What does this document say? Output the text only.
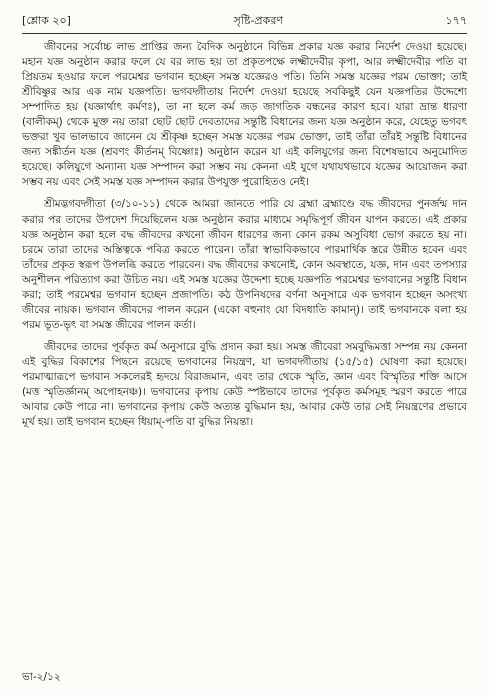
[শ্লোক ২০]	সৃষ্টি-প্রকরণ	১৭৭

জীবনের সর্বোচ্চ লাভ প্রাপ্তির জন্য বৈদিক অনুষ্ঠানে বিভিন্ন প্রকার যজ্ঞ করার নির্দেশ দেওয়া হয়েছে। মহান যজ্ঞ অনুষ্ঠান করার ফলে যে বর লাভ হয় তা প্রকৃতপক্ষে লক্ষ্মীদেবীর কৃপা, আর লক্ষ্মীদেবীর পতি বা প্রিয়তম হওয়ার ফলে পরমেশ্বর ভগবান হচ্ছেন সমস্ত যজ্ঞেরও পতি। তিনি সমস্ত যজ্ঞের পরম ভোক্তা; তাই শ্রীবিষ্ণুর আর এক নাম যজ্ঞপতি। ভগবদ্গীতায় নির্দেশ দেওয়া হয়েছে সবকিছুই যেন যজ্ঞপতির উদ্দেশ্যে সম্পাদিত হয় (যজ্ঞার্থাৎ কর্মণঃ), তা না হলে কর্ম জড় জাগতিক বন্ধনের কারণ হবে। যারা ভ্রান্ত ধারণা (বালীকম্) থেকে মুক্ত নয় তারা ছোট ছোট দেবতাদের সন্তুষ্টি বিধানের জন্য যজ্ঞ অনুষ্ঠান করে, যেহেতু ভগবৎ ভক্তরা খুব ভালভাবে জানেন যে শ্রীকৃষ্ণ হচ্ছেন সমস্ত যজ্ঞের পরম ভোক্তা, তাই তাঁরা তাঁরই সন্তুষ্টি বিধানের জন্য সঙ্কীর্তন যজ্ঞ (শ্রবণং কীর্তনম্ বিষ্ণোঃ) অনুষ্ঠান করেন যা এই কলিযুগের জন্য বিশেষভাবে অনুমোদিত হয়েছে। কলিযুগে অন্যান্য যজ্ঞ সম্পাদন করা সম্ভব নয় কেননা এই যুগে যথাযথভাবে যজ্ঞের আয়োজন করা সম্ভব নয় এবং সেই সমস্ত যজ্ঞ সম্পাদন করার উপযুক্ত পুরোহিতও নেই।

শ্রীমদ্ভগবদ্গীতা (৩/১০-১১) থেকে আমরা জানতে পারি যে ব্রহ্মা ব্রহ্মাণ্ডে বদ্ধ জীবদের পুনর্জন্ম দান করার পর তাদের উপদেশ দিয়েছিলেন যজ্ঞ অনুষ্ঠান করার মাধ্যমে সমৃদ্ধিপূর্ণ জীবন যাপন করতে। এই প্রকার যজ্ঞ অনুষ্ঠান করা হলে বদ্ধ জীবদের কখনো জীবন ধারণের জন্য কোন রকম অসুবিধা ভোগ করতে হয় না। চরমে তারা তাদের অস্তিত্বকে পবিত্র করতে পারেন। তাঁরা স্বাভাবিকভাবে পারমার্থিক স্তরে উন্নীত হবেন এবং তাঁদের প্রকৃত স্বরূপ উপলব্ধি করতে পারবেন। বদ্ধ জীবদের কখনোই, কোন অবস্থাতে, যজ্ঞ, দান এবং তপস্যার অনুশীলন পরিত্যাগ করা উচিত নয়। এই সমস্ত যজ্ঞের উদ্দেশ্য হচ্ছে যজ্ঞপতি পরমেশ্বর ভগবানের সন্তুষ্টি বিধান করা; তাই পরমেশ্বর ভগবান হচ্ছেন প্রজাপতি। কঠ উপনিষদের বর্ণনা অনুসারে এক ভগবান হচ্ছেন অসংখ্য জীবের নায়ক। ভগবান জীবদের পালন করেন (একো বহুনাং যো বিদধাতি কামান্)। তাই ভগবানকে বলা হয় পরম ভূত-ভৃৎ বা সমস্ত জীবের পালন কর্তা।

জীবদের তাদের পূর্বকৃত কর্ম অনুসারে বুদ্ধি প্রদান করা হয়। সমস্ত জীবেরা সমবুদ্ধিমত্তা সম্পন্ন নয় কেননা এই বুদ্ধির বিকাশের পিছনে রয়েছে ভগবানের নিয়ন্ত্রণ, যা ভগবদ্গীতায় (১৫/১৫) ঘোষণা করা হয়েছে। পরমাত্মারূপে ভগবান সকলেরই হৃদয়ে বিরাজমান, এবং তার থেকে স্মৃতি, জ্ঞান এবং বিস্মৃতির শক্তি আসে (মত্ত স্মৃতির্জ্ঞানম্ অপোহনঞ্চ)। ভগবানের কৃপায় কেউ স্পষ্টভাবে তাদের পূর্বকৃত কর্মসমূহ স্মরণ করতে পারে আবার কেউ পারে না। ভগবানের কৃপায় কেউ অত্যন্ত বুদ্ধিমান হয়, আবার কেউ তার সেই নিয়ন্ত্রণের প্রভাবে মূর্খ হয়। তাই ভগবান হচ্ছেন ধিয়াম্-পতি বা বুদ্ধির নিয়ন্তা।

ভা-২/১২
